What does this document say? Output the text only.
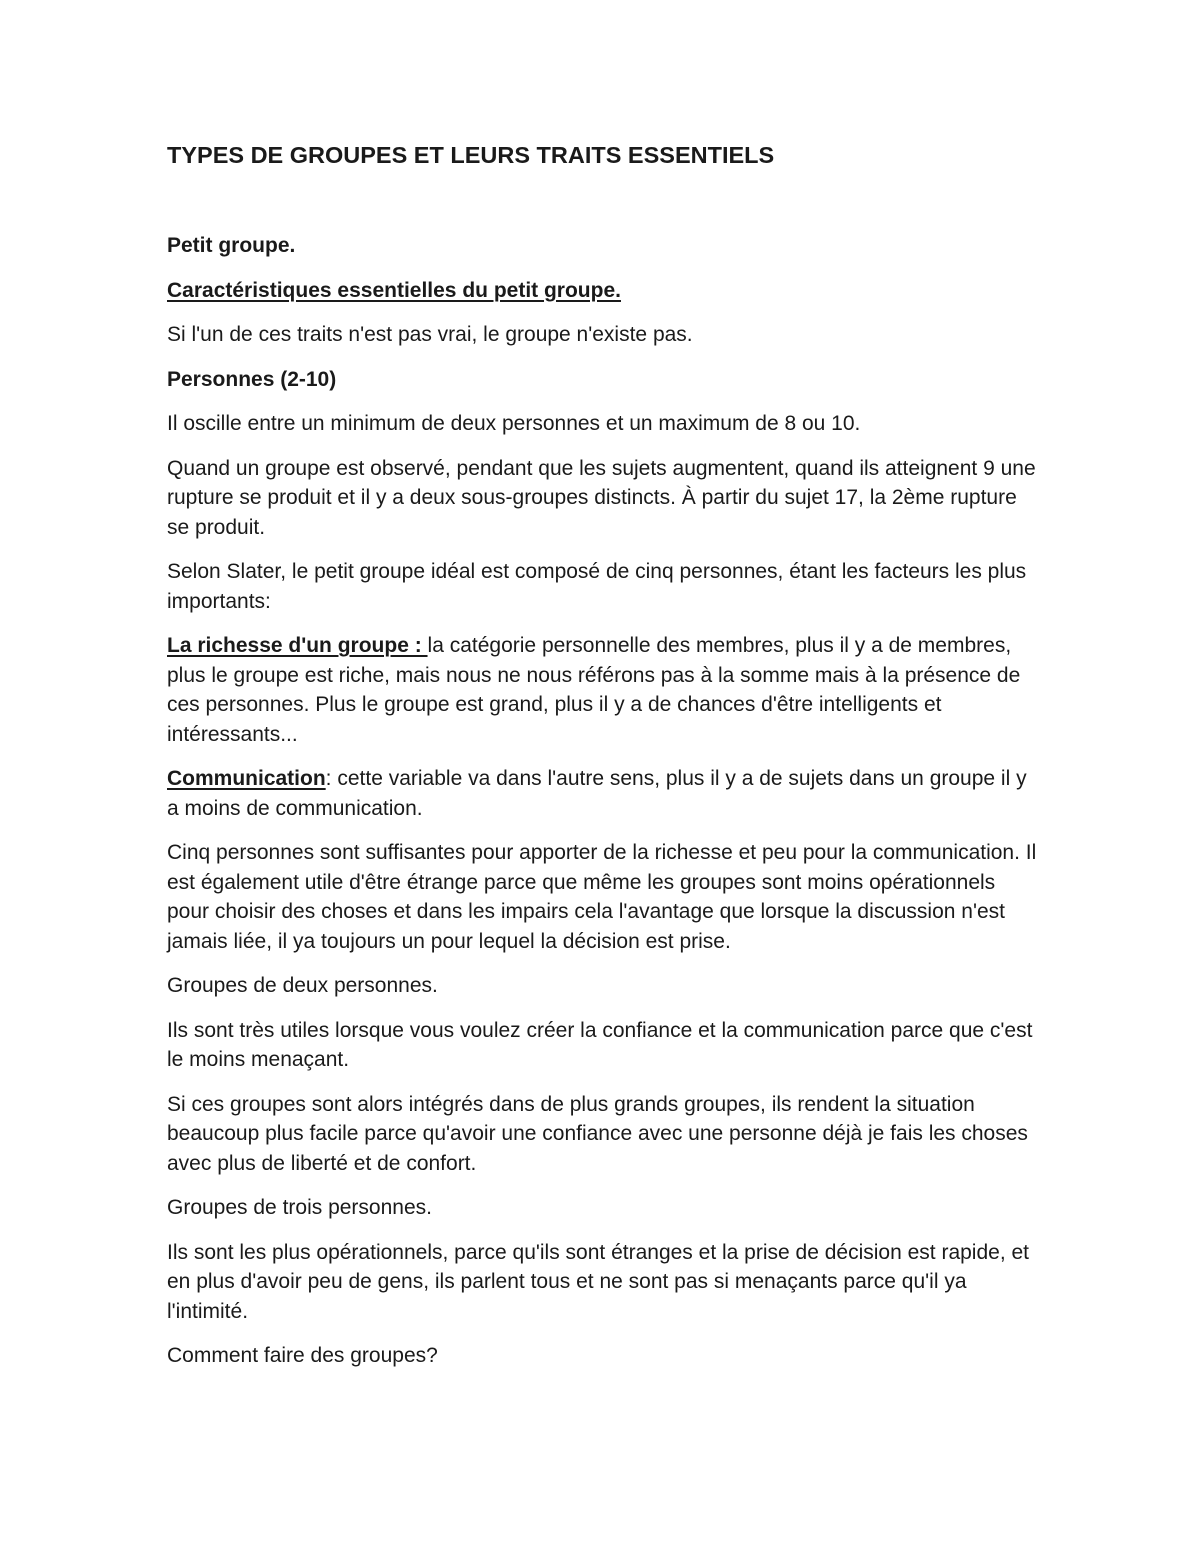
TYPES DE GROUPES ET LEURS TRAITS ESSENTIELS
Petit groupe.
Caractéristiques essentielles du petit groupe.
Si l'un de ces traits n'est pas vrai, le groupe n'existe pas.
Personnes (2-10)
Il oscille entre un minimum de deux personnes et un maximum de 8 ou 10.
Quand un groupe est observé, pendant que les sujets augmentent, quand ils atteignent 9 une rupture se produit et il y a deux sous-groupes distincts. À partir du sujet 17, la 2ème rupture se produit.
Selon Slater, le petit groupe idéal est composé de cinq personnes, étant les facteurs les plus importants:
La richesse d'un groupe : la catégorie personnelle des membres, plus il y a de membres, plus le groupe est riche, mais nous ne nous référons pas à la somme mais à la présence de ces personnes. Plus le groupe est grand, plus il y a de chances d'être intelligents et intéressants...
Communication: cette variable va dans l'autre sens, plus il y a de sujets dans un groupe il y a moins de communication.
Cinq personnes sont suffisantes pour apporter de la richesse et peu pour la communication. Il est également utile d'être étrange parce que même les groupes sont moins opérationnels pour choisir des choses et dans les impairs cela l'avantage que lorsque la discussion n'est jamais liée, il ya toujours un pour lequel la décision est prise.
Groupes de deux personnes.
Ils sont très utiles lorsque vous voulez créer la confiance et la communication parce que c'est le moins menaçant.
Si ces groupes sont alors intégrés dans de plus grands groupes, ils rendent la situation beaucoup plus facile parce qu'avoir une confiance avec une personne déjà je fais les choses avec plus de liberté et de confort.
Groupes de trois personnes.
Ils sont les plus opérationnels, parce qu'ils sont étranges et la prise de décision est rapide, et en plus d'avoir peu de gens, ils parlent tous et ne sont pas si menaçants parce qu'il ya l'intimité.
Comment faire des groupes?
